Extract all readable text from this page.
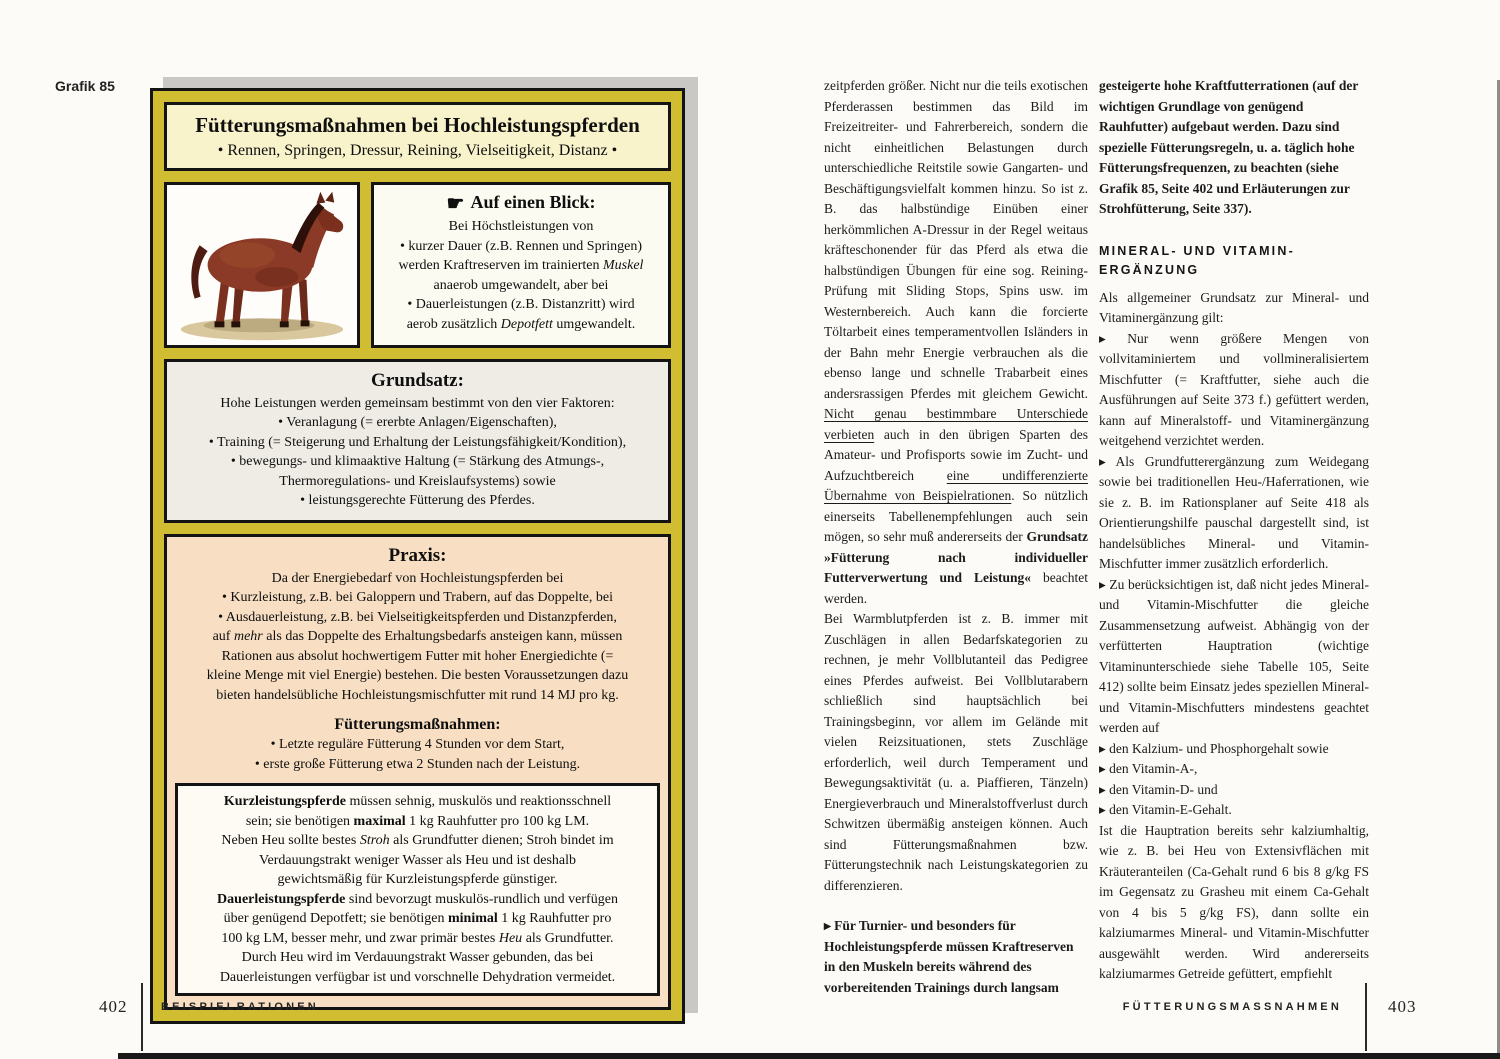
Grafik 85
Fütterungsmaßnahmen bei Hochleistungspferden
• Rennen, Springen, Dressur, Reining, Vielseitigkeit, Distanz •
☛ Auf einen Blick:
Bei Höchstleistungen von
• kurzer Dauer (z.B. Rennen und Springen)
werden Kraftreserven im trainierten Muskel
anaerob umgewandelt, aber bei
• Dauerleistungen (z.B. Distanzritt) wird
aerob zusätzlich Depotfett umgewandelt.
Grundsatz:
Hohe Leistungen werden gemeinsam bestimmt von den vier Faktoren:
• Veranlagung (= ererbte Anlagen/Eigenschaften),
• Training (= Steigerung und Erhaltung der Leistungsfähigkeit/Kondition),
• bewegungs- und klimaaktive Haltung (= Stärkung des Atmungs-,
Thermoregulations- und Kreislaufsystems) sowie
• leistungsgerechte Fütterung des Pferdes.
Praxis:
Da der Energiebedarf von Hochleistungspferden bei
• Kurzleistung, z.B. bei Galoppern und Trabern, auf das Doppelte, bei
• Ausdauerleistung, z.B. bei Vielseitigkeitspferden und Distanzpferden,
auf mehr als das Doppelte des Erhaltungsbedarfs ansteigen kann, müssen
Rationen aus absolut hochwertigem Futter mit hoher Energiedichte (=
kleine Menge mit viel Energie) bestehen. Die besten Voraussetzungen dazu
bieten handelsübliche Hochleistungsmischfutter mit rund 14 MJ pro kg.
Fütterungsmaßnahmen:
• Letzte reguläre Fütterung 4 Stunden vor dem Start,
• erste große Fütterung etwa 2 Stunden nach der Leistung.
Kurzleistungspferde müssen sehnig, muskulös und reaktionsschnell
sein; sie benötigen maximal 1 kg Rauhfutter pro 100 kg LM.
Neben Heu sollte bestes Stroh als Grundfutter dienen; Stroh bindet im
Verdauungstrakt weniger Wasser als Heu und ist deshalb
gewichtsmäßig für Kurzleistungspferde günstiger.
Dauerleistungspferde sind bevorzugt muskulös-rundlich und verfügen
über genügend Depotfett; sie benötigen minimal 1 kg Rauhfutter pro
100 kg LM, besser mehr, und zwar primär bestes Heu als Grundfutter.
Durch Heu wird im Verdauungstrakt Wasser gebunden, das bei
Dauerleistungen verfügbar ist und vorschnelle Dehydration vermeidet.

zeitpferden größer. Nicht nur die teils exotischen Pferderassen bestimmen das Bild im Freizeitreiter- und Fahrerbereich, sondern die nicht einheitlichen Belastungen durch unterschiedliche Reitstile sowie Gangarten- und Beschäftigungsvielfalt kommen hinzu. So ist z. B. das halbstündige Einüben einer herkömmlichen A-Dressur in der Regel weitaus kräfteschonender für das Pferd als etwa die halbstündigen Übungen für eine sog. Reining-Prüfung mit Sliding Stops, Spins usw. im Westernbereich. Auch kann die forcierte Töltarbeit eines temperamentvollen Isländers in der Bahn mehr Energie verbrauchen als die ebenso lange und schnelle Trabarbeit eines andersrassigen Pferdes mit gleichem Gewicht. Nicht genau bestimmbare Unterschiede verbieten auch in den übrigen Sparten des Amateur- und Profisports sowie im Zucht- und Aufzuchtbereich eine undifferenzierte Übernahme von Beispielrationen. So nützlich einerseits Tabellenempfehlungen auch sein mögen, so sehr muß andererseits der Grundsatz »Fütterung nach individueller Futterverwertung und Leistung« beachtet werden.

Bei Warmblutpferden ist z. B. immer mit Zuschlägen in allen Bedarfskategorien zu rechnen, je mehr Vollblutanteil das Pedigree eines Pferdes aufweist. Bei Vollblutarabern schließlich sind hauptsächlich bei Trainingsbeginn, vor allem im Gelände mit vielen Reizsituationen, stets Zuschläge erforderlich, weil durch Temperament und Bewegungsaktivität (u. a. Piaffieren, Tänzeln) Energieverbrauch und Mineralstoffverlust durch Schwitzen übermäßig ansteigen können. Auch sind Fütterungsmaßnahmen bzw. Fütterungstechnik nach Leistungskategorien zu differenzieren.

▸ Für Turnier- und besonders für Hochleistungspferde müssen Kraftreserven in den Muskeln bereits während des vorbereitenden Trainings durch langsam

gesteigerte hohe Kraftfutterrationen (auf der wichtigen Grundlage von genügend Rauhfutter) aufgebaut werden. Dazu sind spezielle Fütterungsregeln, u. a. täglich hohe Fütterungsfrequenzen, zu beachten (siehe Grafik 85, Seite 402 und Erläuterungen zur Strohfütterung, Seite 337).

MINERAL- UND VITAMIN-
ERGÄNZUNG

Als allgemeiner Grundsatz zur Mineral- und Vitaminergänzung gilt:

▸ Nur wenn größere Mengen von vollvitaminiertem und vollmineralisiertem Mischfutter (= Kraftfutter, siehe auch die Ausführungen auf Seite 373 f.) gefüttert werden, kann auf Mineralstoff- und Vitaminergänzung weitgehend verzichtet werden.

▸ Als Grundfutterergänzung zum Weidegang sowie bei traditionellen Heu-/Haferrationen, wie sie z. B. im Rationsplaner auf Seite 418 als Orientierungshilfe pauschal dargestellt sind, ist handelsübliches Mineral- und Vitamin-Mischfutter immer zusätzlich erforderlich.

▸ Zu berücksichtigen ist, daß nicht jedes Mineral- und Vitamin-Mischfutter die gleiche Zusammensetzung aufweist. Abhängig von der verfütterten Hauptration (wichtige Vitaminunterschiede siehe Tabelle 105, Seite 412) sollte beim Einsatz jedes speziellen Mineral- und Vitamin-Mischfutters mindestens geachtet werden auf

▸ den Kalzium- und Phosphorgehalt sowie

▸ den Vitamin-A-,

▸ den Vitamin-D- und

▸ den Vitamin-E-Gehalt.

Ist die Hauptration bereits sehr kalziumhaltig, wie z. B. bei Heu von Extensivflächen mit Kräuteranteilen (Ca-Gehalt rund 6 bis 8 g/kg FS im Gegensatz zu Grasheu mit einem Ca-Gehalt von 4 bis 5 g/kg FS), dann sollte ein kalziumarmes Mineral- und Vitamin-Mischfutter ausgewählt werden. Wird andererseits kalziumarmes Getreide gefüttert, empfiehlt

402	BEISPIELRATIONEN	FÜTTERUNGSMASSNAHMEN	403
